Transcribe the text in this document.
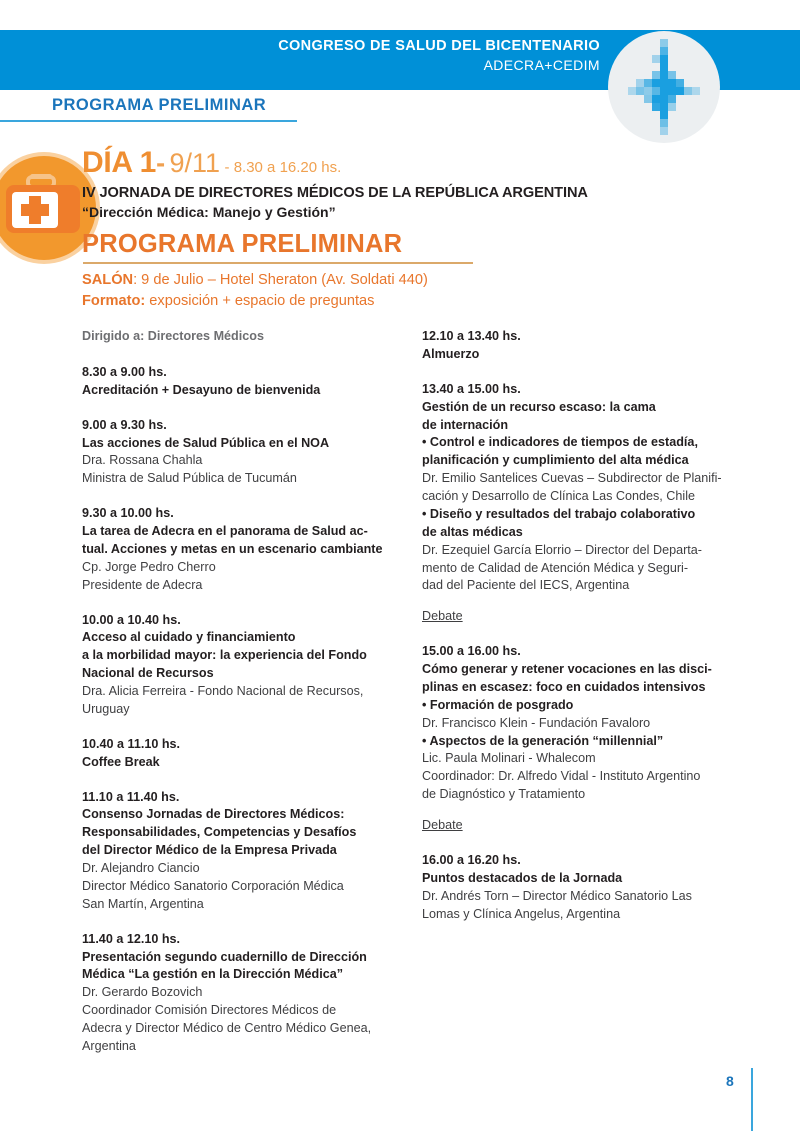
CONGRESO DE SALUD DEL BICENTENARIO
ADECRA+CEDIM
PROGRAMA PRELIMINAR
DÍA 1- 9/11 - 8.30 a 16.20 hs.
IV JORNADA DE DIRECTORES MÉDICOS DE LA REPÚBLICA ARGENTINA
“Dirección Médica: Manejo y Gestión”
PROGRAMA PRELIMINAR
SALÓN: 9 de Julio – Hotel Sheraton (Av. Soldati 440)
Formato: exposición + espacio de preguntas
Dirigido a: Directores Médicos
8.30 a 9.00 hs.
Acreditación + Desayuno de bienvenida
9.00 a 9.30 hs.
Las acciones de Salud Pública en el NOA
Dra. Rossana Chahla
Ministra de Salud Pública de Tucumán
9.30 a 10.00 hs.
La tarea de Adecra en el panorama de Salud ac-
tual. Acciones y metas en un escenario cambiante
Cp. Jorge Pedro Cherro
Presidente de Adecra
10.00 a 10.40 hs.
Acceso al cuidado y financiamiento
a la morbilidad mayor: la experiencia del Fondo
Nacional de Recursos
Dra. Alicia Ferreira - Fondo Nacional de Recursos,
Uruguay
10.40 a 11.10 hs.
Coffee Break
11.10 a 11.40 hs.
Consenso Jornadas de Directores Médicos:
Responsabilidades, Competencias y Desafíos
del Director Médico de la Empresa Privada
Dr. Alejandro Ciancio
Director Médico Sanatorio Corporación Médica
San Martín, Argentina
11.40 a 12.10 hs.
Presentación segundo cuadernillo de Dirección
Médica “La gestión en la Dirección Médica”
Dr. Gerardo Bozovich
Coordinador Comisión Directores Médicos de
Adecra y Director Médico de Centro Médico Genea,
Argentina
12.10 a 13.40 hs.
Almuerzo
13.40 a 15.00 hs.
Gestión de un recurso escaso: la cama
de internación
• Control e indicadores de tiempos de estadía,
planificación y cumplimiento del alta médica
Dr. Emilio Santelices Cuevas – Subdirector de Planifi-
cación y Desarrollo de Clínica Las Condes, Chile
• Diseño y resultados del trabajo colaborativo
de altas médicas
Dr. Ezequiel García Elorrio – Director del Departa-
mento de Calidad de Atención Médica y Seguri-
dad del Paciente del IECS, Argentina
Debate
15.00 a 16.00 hs.
Cómo generar y retener vocaciones en las disci-
plinas en escasez: foco en cuidados intensivos
• Formación de posgrado
Dr. Francisco Klein - Fundación Favaloro
• Aspectos de la generación “millennial”
Lic. Paula Molinari - Whalecom
Coordinador: Dr. Alfredo Vidal - Instituto Argentino
de Diagnóstico y Tratamiento
Debate
16.00 a 16.20 hs.
Puntos destacados de la Jornada
Dr. Andrés Torn – Director Médico Sanatorio Las
Lomas y Clínica Angelus, Argentina
8
